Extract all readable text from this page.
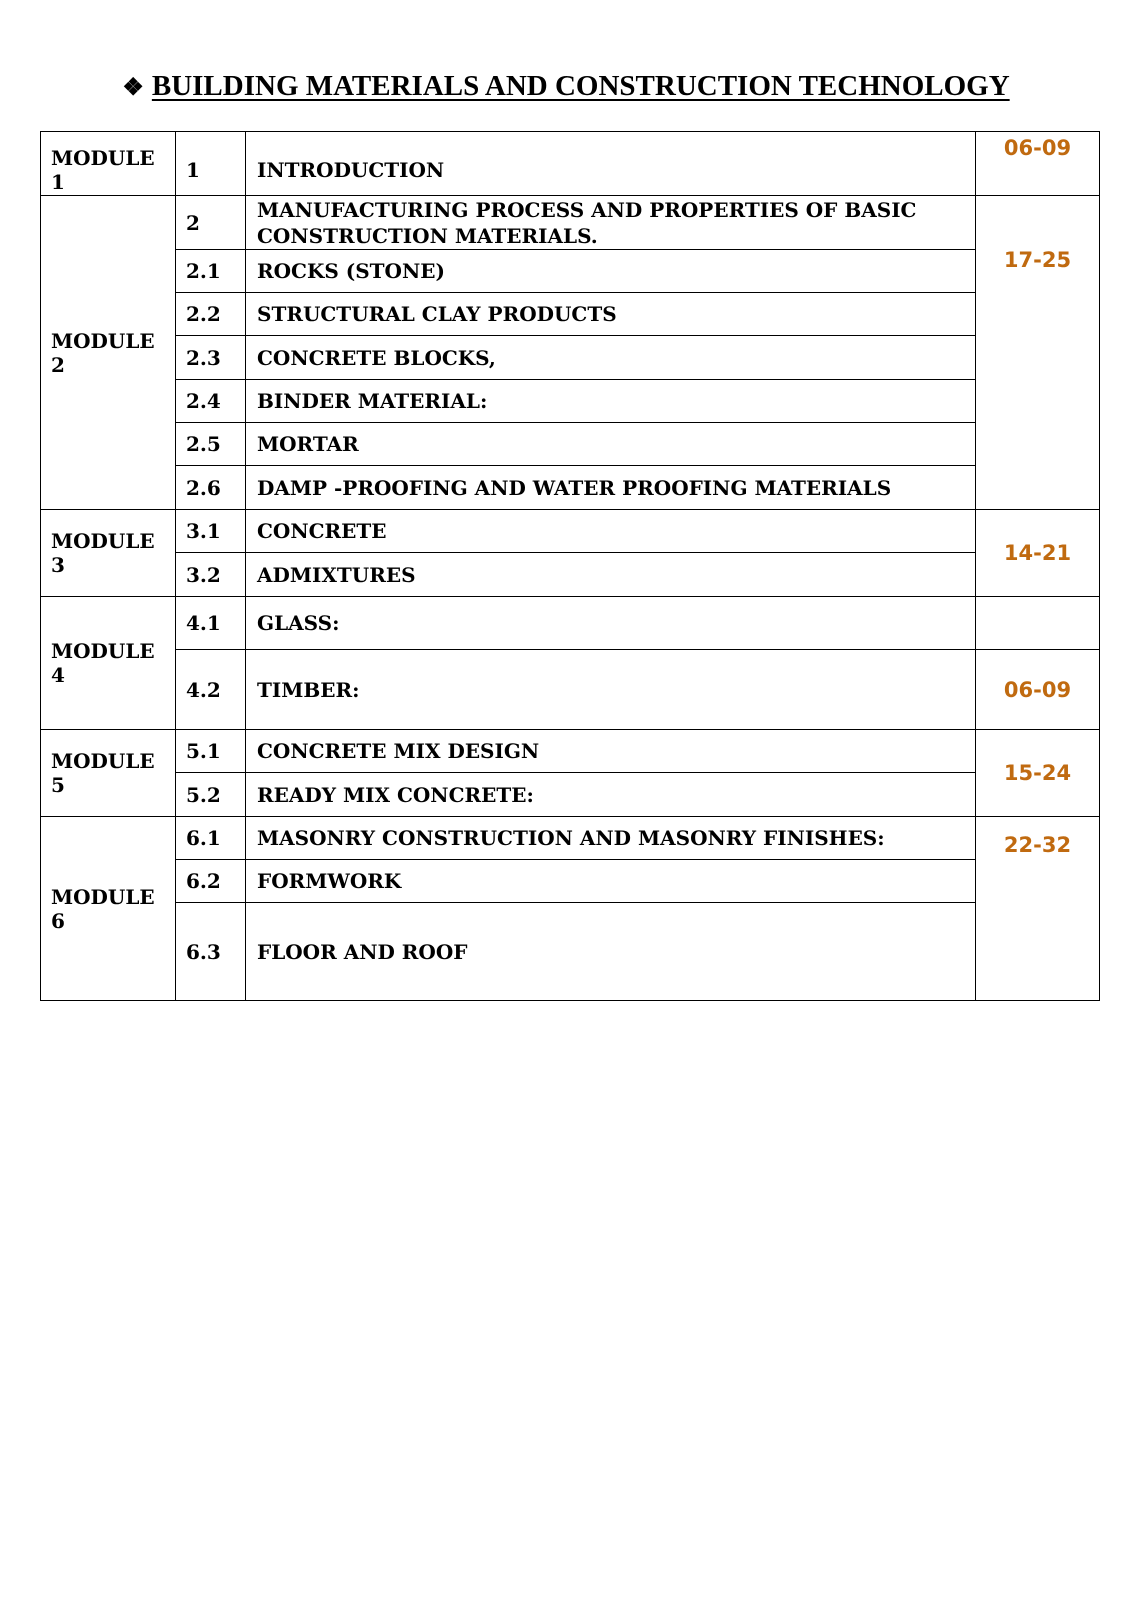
❖ BUILDING MATERIALS AND CONSTRUCTION TECHNOLOGY
MODULE 1	1	INTRODUCTION	06-09
MODULE 2	2	MANUFACTURING PROCESS AND PROPERTIES OF BASIC CONSTRUCTION MATERIALS.	17-25
	2.1	ROCKS (STONE)	
	2.2	STRUCTURAL CLAY PRODUCTS	
	2.3	CONCRETE BLOCKS,	
	2.4	BINDER MATERIAL:	
	2.5	MORTAR	
	2.6	DAMP -PROOFING AND WATER PROOFING MATERIALS	
MODULE 3	3.1	CONCRETE	14-21
	3.2	ADMIXTURES	
MODULE 4	4.1	GLASS:	
	4.2	TIMBER:	06-09
MODULE 5	5.1	CONCRETE MIX DESIGN	15-24
	5.2	READY MIX CONCRETE:	
MODULE 6	6.1	MASONRY CONSTRUCTION AND MASONRY FINISHES:	22-32
	6.2	FORMWORK	
	6.3	FLOOR AND ROOF	
